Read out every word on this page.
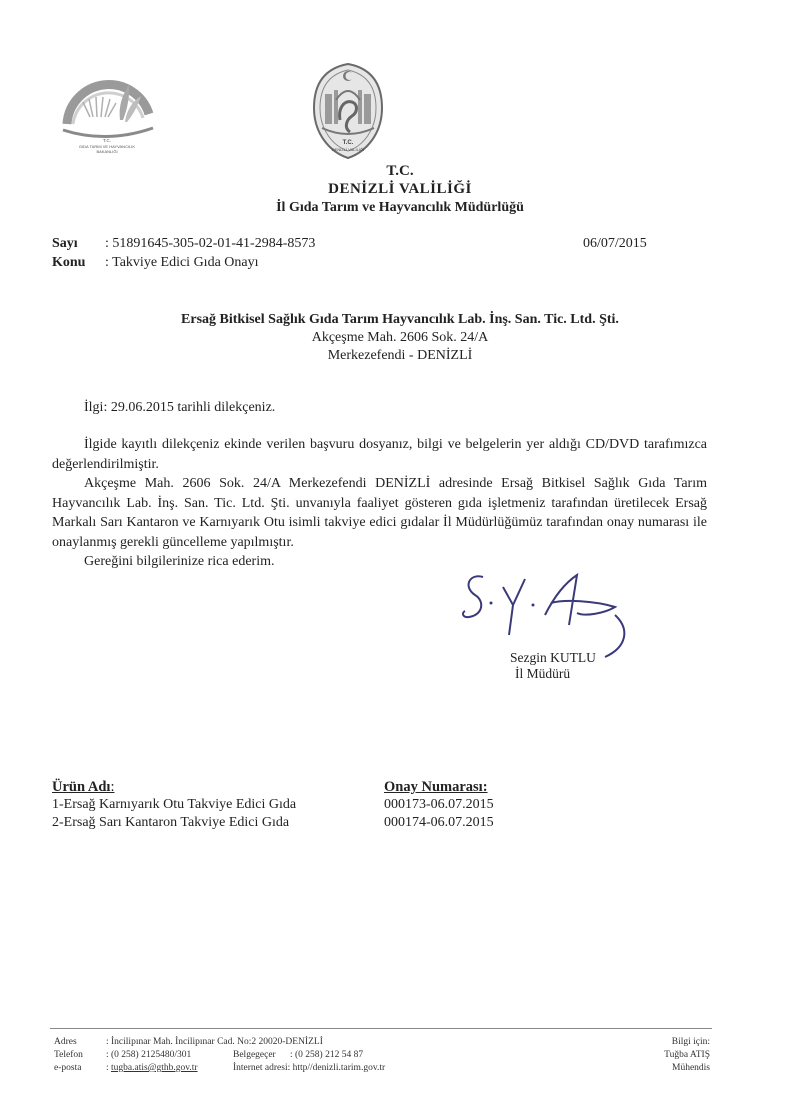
T.C.
GIDA TARIM VE HAYVANCILIK
BAKANLIĞI
T.C.
DENİZLİ VALİLİĞİ
T.C.
DENİZLİ VALİLİĞİ
İl Gıda Tarım ve Hayvancılık Müdürlüğü
Sayı : 51891645-305-02-01-41-2984-8573	06/07/2015
Konu : Takviye Edici Gıda Onayı
Ersağ Bitkisel Sağlık Gıda Tarım Hayvancılık Lab. İnş. San. Tic. Ltd. Şti.
Akçeşme Mah. 2606 Sok. 24/A
Merkezefendi - DENİZLİ
İlgi: 29.06.2015 tarihli dilekçeniz.
İlgide kayıtlı dilekçeniz ekinde verilen başvuru dosyanız, bilgi ve belgelerin yer aldığı CD/DVD tarafımızca değerlendirilmiştir.
Akçeşme Mah. 2606 Sok. 24/A Merkezefendi DENİZLİ adresinde Ersağ Bitkisel Sağlık Gıda Tarım Hayvancılık Lab. İnş. San. Tic. Ltd. Şti. unvanıyla faaliyet gösteren gıda işletmeniz tarafından üretilecek Ersağ Markalı Sarı Kantaron ve Karnıyarık Otu isimli takviye edici gıdalar İl Müdürlüğümüz tarafından onay numarası ile onaylanmış gerekli güncelleme yapılmıştır.
Gereğini bilgilerinize rica ederim.
Sezgin KUTLU
İl Müdürü
Ürün Adı:	Onay Numarası:
1-Ersağ Karnıyarık Otu Takviye Edici Gıda	000173-06.07.2015
2-Ersağ Sarı Kantaron Takviye Edici Gıda	000174-06.07.2015
Adres	: İncilipınar Mah. İncilipınar Cad. No:2 20020-DENİZLİ
Telefon : (0 258) 2125480/301	Belgegeçer : (0 258) 212 54 87
e-posta	: tugba.atis@gthb.gov.tr	İnternet adresi: http//denizli.tarim.gov.tr
Bilgi için:
Tuğba ATIŞ
Mühendis
